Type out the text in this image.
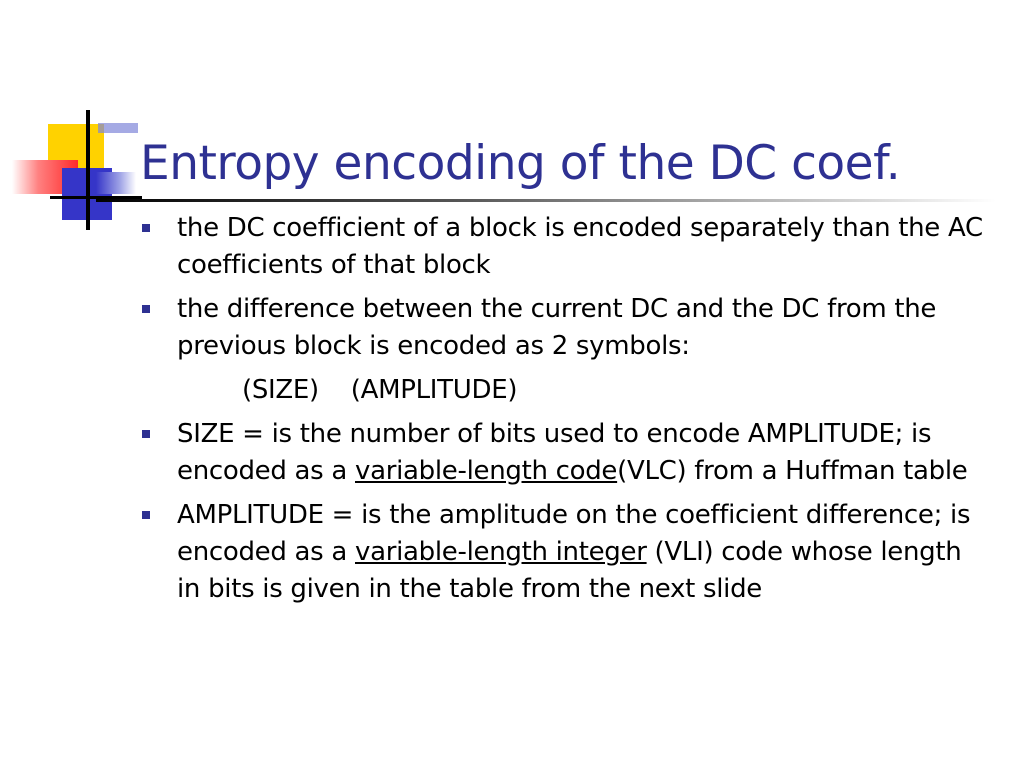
Entropy encoding of the DC coef.
the DC coefficient of a block is encoded separately than the AC coefficients of that block
the difference between the current DC and the DC from the previous block is encoded as 2 symbols:
(SIZE) (AMPLITUDE)
SIZE = is the number of bits used to encode AMPLITUDE; is encoded as a variable-length code(VLC) from a Huffman table
AMPLITUDE = is the amplitude on the coefficient difference; is encoded as a variable-length integer (VLI) code whose length in bits is given in the table from the next slide
